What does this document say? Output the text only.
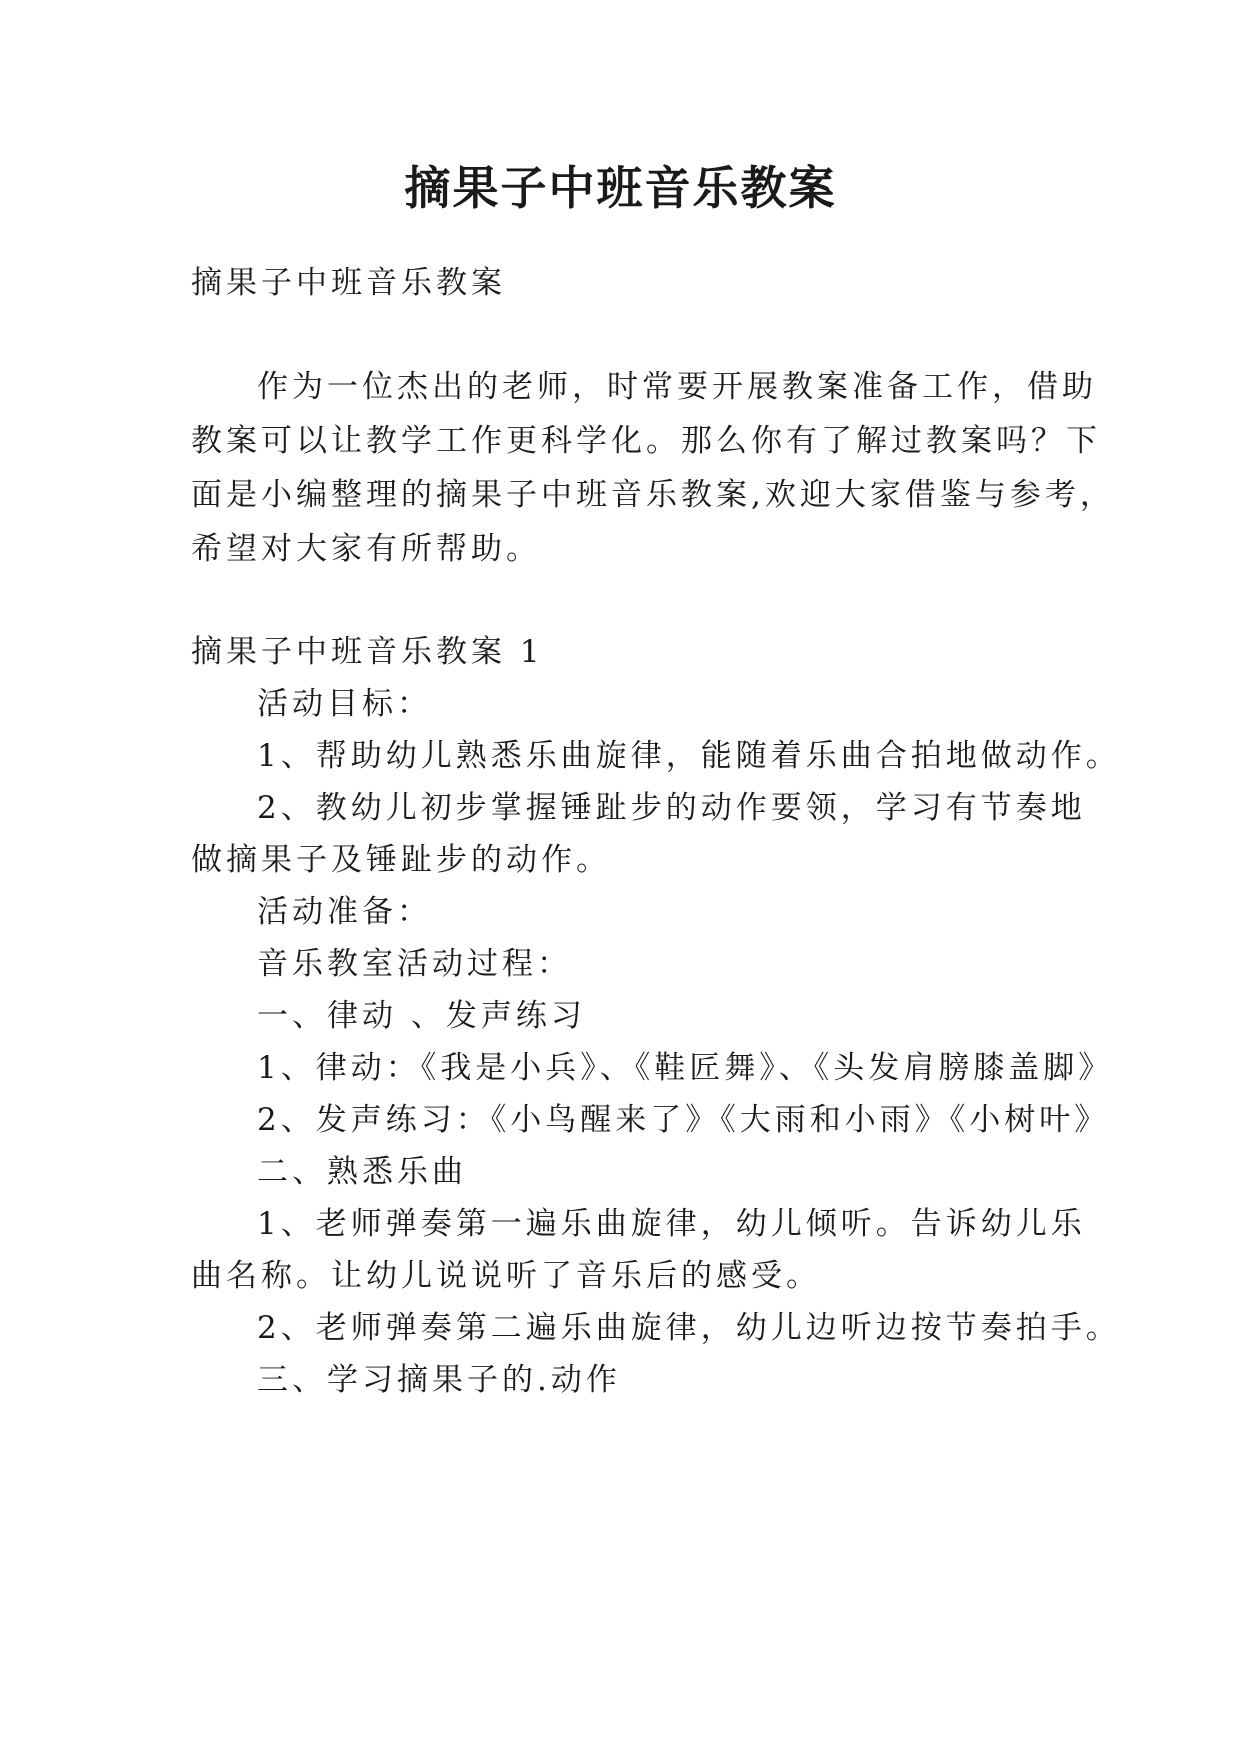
摘果子中班音乐教案
摘果子中班音乐教案
作为一位杰出的老师，时常要开展教案准备工作，借助
教案可以让教学工作更科学化。那么你有了解过教案吗？下
面是小编整理的摘果子中班音乐教案,欢迎大家借鉴与参考，
希望对大家有所帮助。
摘果子中班音乐教案 1
活动目标：
1、帮助幼儿熟悉乐曲旋律，能随着乐曲合拍地做动作。
2、教幼儿初步掌握锤趾步的动作要领，学习有节奏地
做摘果子及锤趾步的动作。
活动准备：
音乐教室活动过程：
一、律动 、发声练习
1、律动：《我是小兵》、《鞋匠舞》、《头发肩膀膝盖脚》
2、发声练习：《小鸟醒来了》《大雨和小雨》《小树叶》
二、熟悉乐曲
1、老师弹奏第一遍乐曲旋律，幼儿倾听。告诉幼儿乐
曲名称。让幼儿说说听了音乐后的感受。
2、老师弹奏第二遍乐曲旋律，幼儿边听边按节奏拍手。
三、学习摘果子的.动作
